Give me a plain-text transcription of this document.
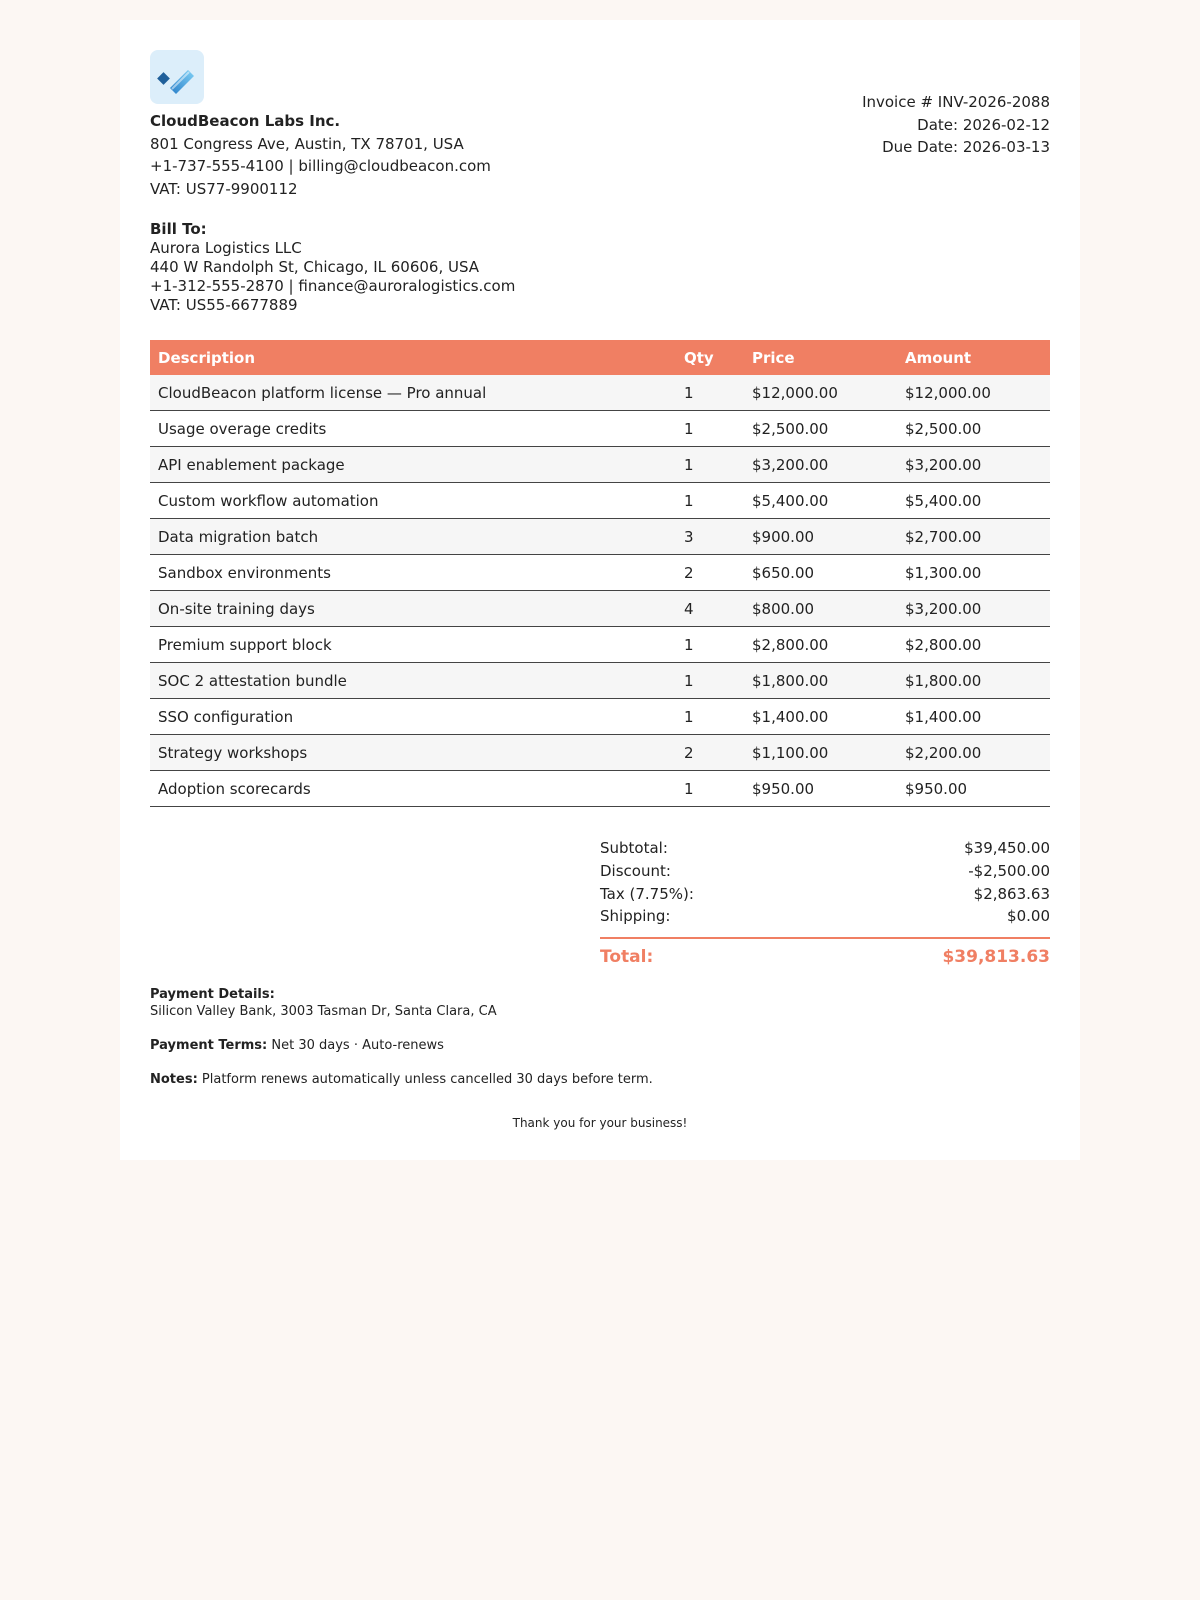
CloudBeacon Labs Inc.
801 Congress Ave, Austin, TX 78701, USA
+1-737-555-4100 | billing@cloudbeacon.com
VAT: US77-9900112
Invoice # INV-2026-2088
Date: 2026-02-12
Due Date: 2026-03-13
Bill To:
Aurora Logistics LLC
440 W Randolph St, Chicago, IL 60606, USA
+1-312-555-2870 | finance@auroralogistics.com
VAT: US55-6677889
Description	Qty	Price	Amount
CloudBeacon platform license — Pro annual	1	$12,000.00	$12,000.00
Usage overage credits	1	$2,500.00	$2,500.00
API enablement package	1	$3,200.00	$3,200.00
Custom workflow automation	1	$5,400.00	$5,400.00
Data migration batch	3	$900.00	$2,700.00
Sandbox environments	2	$650.00	$1,300.00
On-site training days	4	$800.00	$3,200.00
Premium support block	1	$2,800.00	$2,800.00
SOC 2 attestation bundle	1	$1,800.00	$1,800.00
SSO configuration	1	$1,400.00	$1,400.00
Strategy workshops	2	$1,100.00	$2,200.00
Adoption scorecards	1	$950.00	$950.00
Subtotal:	$39,450.00
Discount:	-$2,500.00
Tax (7.75%):	$2,863.63
Shipping:	$0.00
Total:	$39,813.63

Payment Details:
Silicon Valley Bank, 3003 Tasman Dr, Santa Clara, CA

Payment Terms: Net 30 days · Auto-renews

Notes: Platform renews automatically unless cancelled 30 days before term.

Thank you for your business!
